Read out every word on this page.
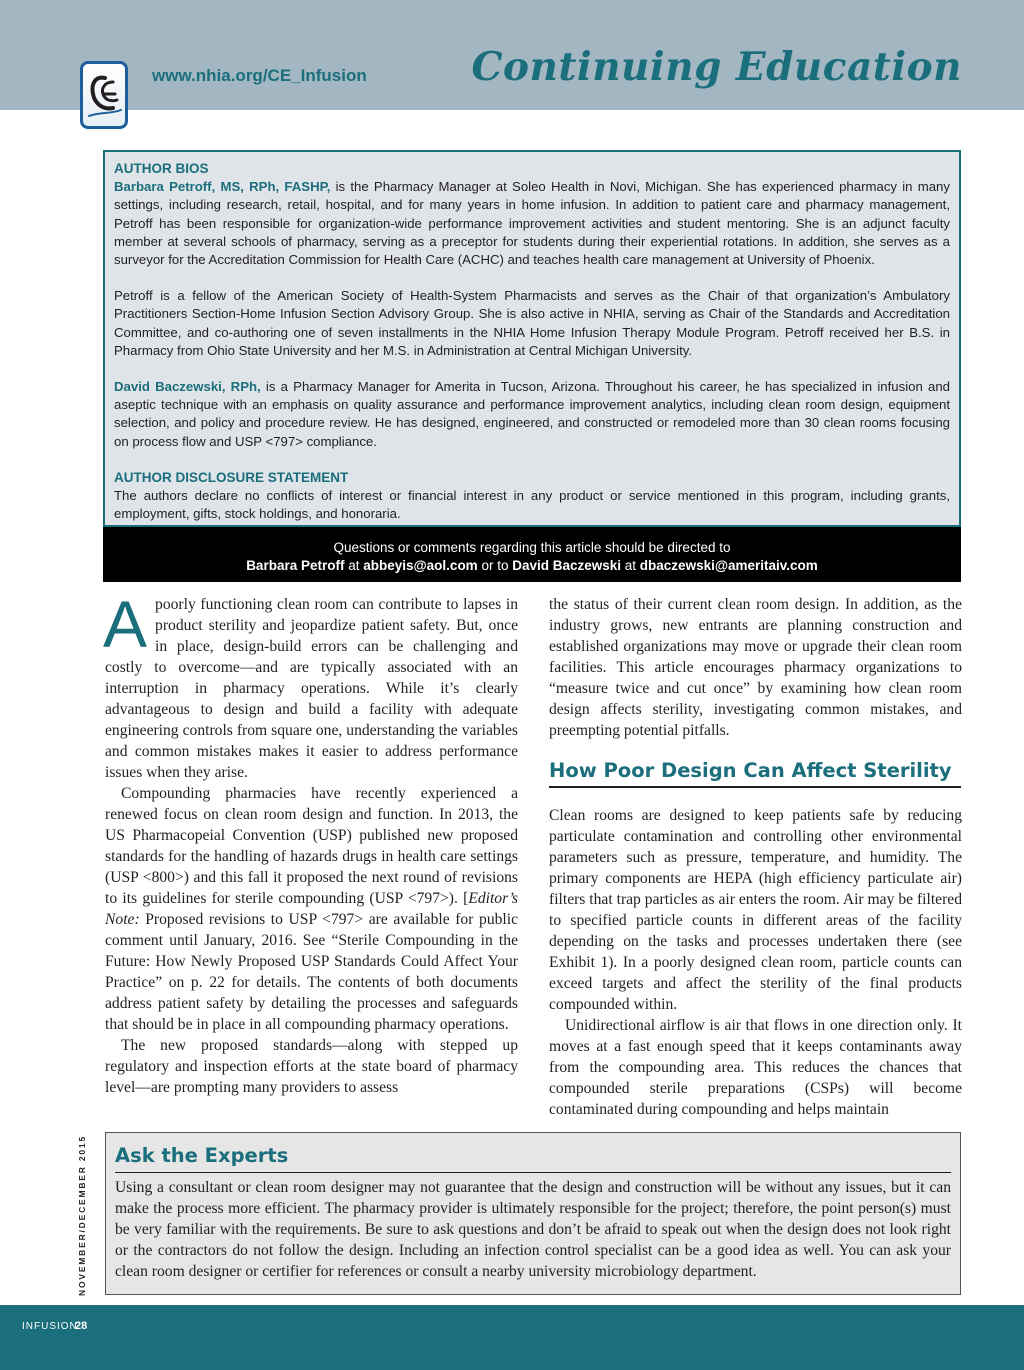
www.nhia.org/CE_Infusion	Continuing Education

AUTHOR BIOS

Barbara Petroff, MS, RPh, FASHP, is the Pharmacy Manager at Soleo Health in Novi, Michigan. She has experienced pharmacy in many settings, including research, retail, hospital, and for many years in home infusion. In addition to patient care and pharmacy management, Petroff has been responsible for organization-wide performance improvement activities and student mentoring. She is an adjunct faculty member at several schools of pharmacy, serving as a preceptor for students during their experiential rotations. In addition, she serves as a surveyor for the Accreditation Commission for Health Care (ACHC) and teaches health care management at University of Phoenix.

Petroff is a fellow of the American Society of Health-System Pharmacists and serves as the Chair of that organization’s Ambulatory Practitioners Section-Home Infusion Section Advisory Group. She is also active in NHIA, serving as Chair of the Standards and Accreditation Committee, and co-authoring one of seven installments in the NHIA Home Infusion Therapy Module Program. Petroff received her B.S. in Pharmacy from Ohio State University and her M.S. in Administration at Central Michigan University.

David Baczewski, RPh, is a Pharmacy Manager for Amerita in Tucson, Arizona. Throughout his career, he has specialized in infusion and aseptic technique with an emphasis on quality assurance and performance improvement analytics, including clean room design, equipment selection, and policy and procedure review. He has designed, engineered, and constructed or remodeled more than 30 clean rooms focusing on process flow and USP <797> compliance.

AUTHOR DISCLOSURE STATEMENT

The authors declare no conflicts of interest or financial interest in any product or service mentioned in this program, including grants, employment, gifts, stock holdings, and honoraria.

Questions or comments regarding this article should be directed to
Barbara Petroff at abbeyis@aol.com or to David Baczewski at dbaczewski@ameritaiv.com

Apoorly functioning clean room can contribute to lapses in product sterility and jeopardize patient safety. But, once in place, design-build errors can be challenging and costly to overcome—and are typically associated with an interruption in pharmacy operations. While it’s clearly advantageous to design and build a facility with adequate engineering controls from square one, understanding the variables and common mistakes makes it easier to address performance issues when they arise.

Compounding pharmacies have recently experienced a renewed focus on clean room design and function. In 2013, the US Pharmacopeial Convention (USP) published new proposed standards for the handling of hazards drugs in health care settings (USP <800>) and this fall it proposed the next round of revisions to its guidelines for sterile compounding (USP <797>). [Editor’s Note: Proposed revisions to USP <797> are available for public comment until January, 2016. See “Sterile Compounding in the Future: How Newly Proposed USP Standards Could Affect Your Practice” on p. 22 for details. The contents of both documents address patient safety by detailing the processes and safeguards that should be in place in all compounding pharmacy operations.

The new proposed standards—along with stepped up regulatory and inspection efforts at the state board of pharmacy level—are prompting many providers to assess

the status of their current clean room design. In addition, as the industry grows, new entrants are planning construction and established organizations may move or upgrade their clean room facilities. This article encourages pharmacy organizations to “measure twice and cut once” by examining how clean room design affects sterility, investigating common mistakes, and preempting potential pitfalls.

How Poor Design Can Affect Sterility

Clean rooms are designed to keep patients safe by reducing particulate contamination and controlling other environmental parameters such as pressure, temperature, and humidity. The primary components are HEPA (high efficiency particulate air) filters that trap particles as air enters the room. Air may be filtered to specified particle counts in different areas of the facility depending on the tasks and processes undertaken there (see Exhibit 1). In a poorly designed clean room, particle counts can exceed targets and affect the sterility of the final products compounded within.

Unidirectional airflow is air that flows in one direction only. It moves at a fast enough speed that it keeps contaminants away from the compounding area. This reduces the chances that compounded sterile preparations (CSPs) will become contaminated during compounding and helps maintain

Ask the Experts

Using a consultant or clean room designer may not guarantee that the design and construction will be without any issues, but it can make the process more efficient. The pharmacy provider is ultimately responsible for the project; therefore, the point person(s) must be very familiar with the requirements. Be sure to ask questions and don’t be afraid to speak out when the design does not look right or the contractors do not follow the design. Including an infection control specialist can be a good idea as well. You can ask your clean room designer or certifier for references or consult a nearby university microbiology department.

NOVEMBER/DECEMBER 2015
INFUSION
28
